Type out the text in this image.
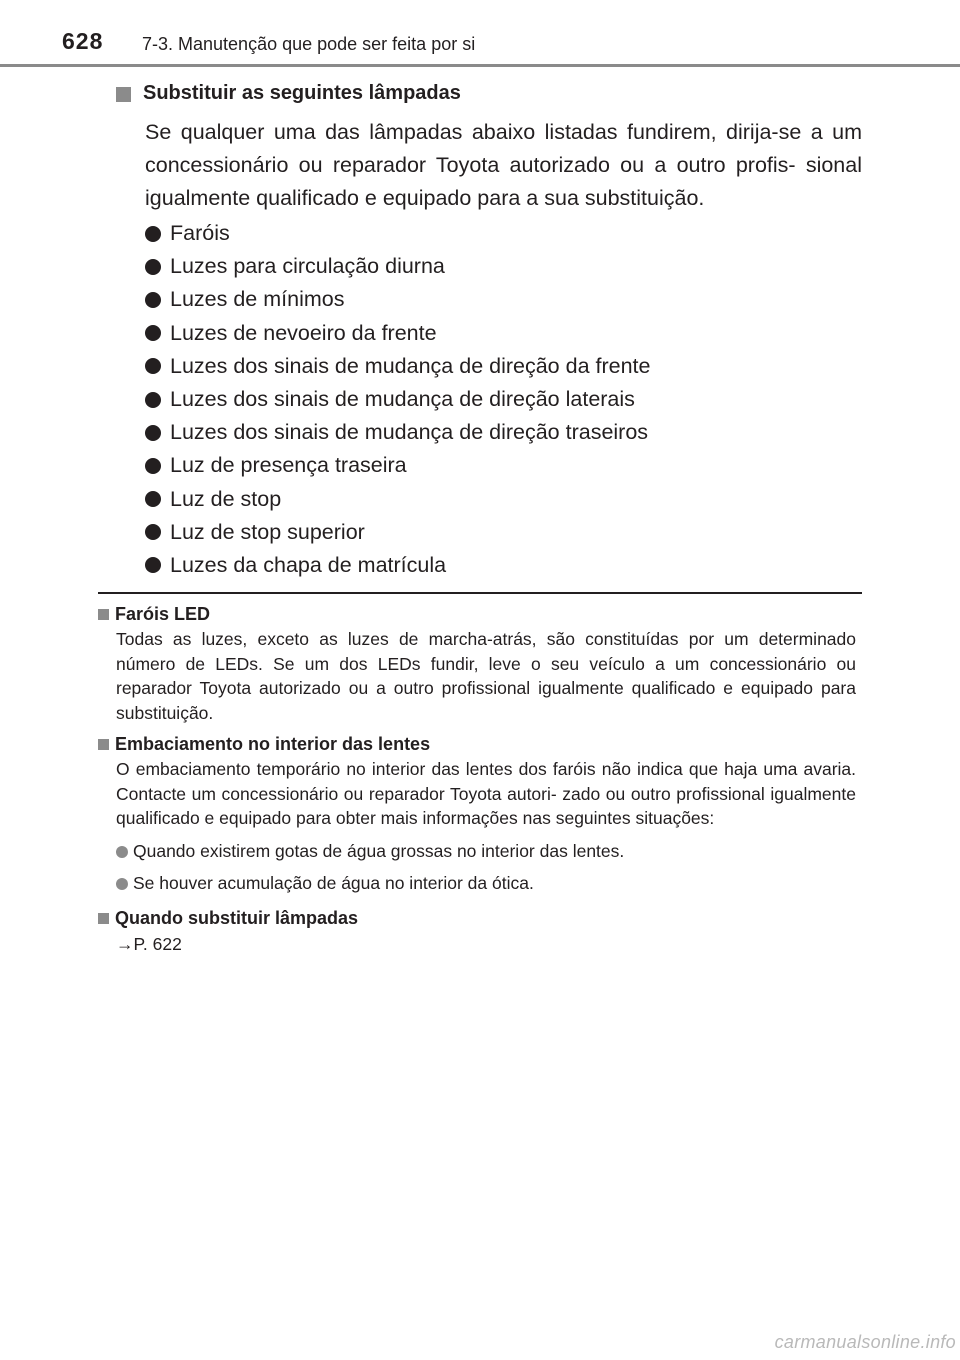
628 7-3. Manutenção que pode ser feita por si
Substituir as seguintes lâmpadas

Se qualquer uma das lâmpadas abaixo listadas fundirem, dirija-se a um concessionário ou reparador Toyota autorizado ou a outro profis- sional igualmente qualificado e equipado para a sua substituição.

Faróis
Luzes para circulação diurna
Luzes de mínimos
Luzes de nevoeiro da frente
Luzes dos sinais de mudança de direção da frente
Luzes dos sinais de mudança de direção laterais
Luzes dos sinais de mudança de direção traseiros
Luz de presença traseira
Luz de stop
Luz de stop superior
Luzes da chapa de matrícula
Faróis LED

Todas as luzes, exceto as luzes de marcha-atrás, são constituídas por um determinado número de LEDs. Se um dos LEDs fundir, leve o seu veículo a um concessionário ou reparador Toyota autorizado ou a outro profissional igualmente qualificado e equipado para substituição.

Embaciamento no interior das lentes

O embaciamento temporário no interior das lentes dos faróis não indica que haja uma avaria. Contacte um concessionário ou reparador Toyota autori- zado ou outro profissional igualmente qualificado e equipado para obter mais informações nas seguintes situações:

Quando existirem gotas de água grossas no interior das lentes.
Se houver acumulação de água no interior da ótica.
Quando substituir lâmpadas
→P. 622
carmanualsonline.info
